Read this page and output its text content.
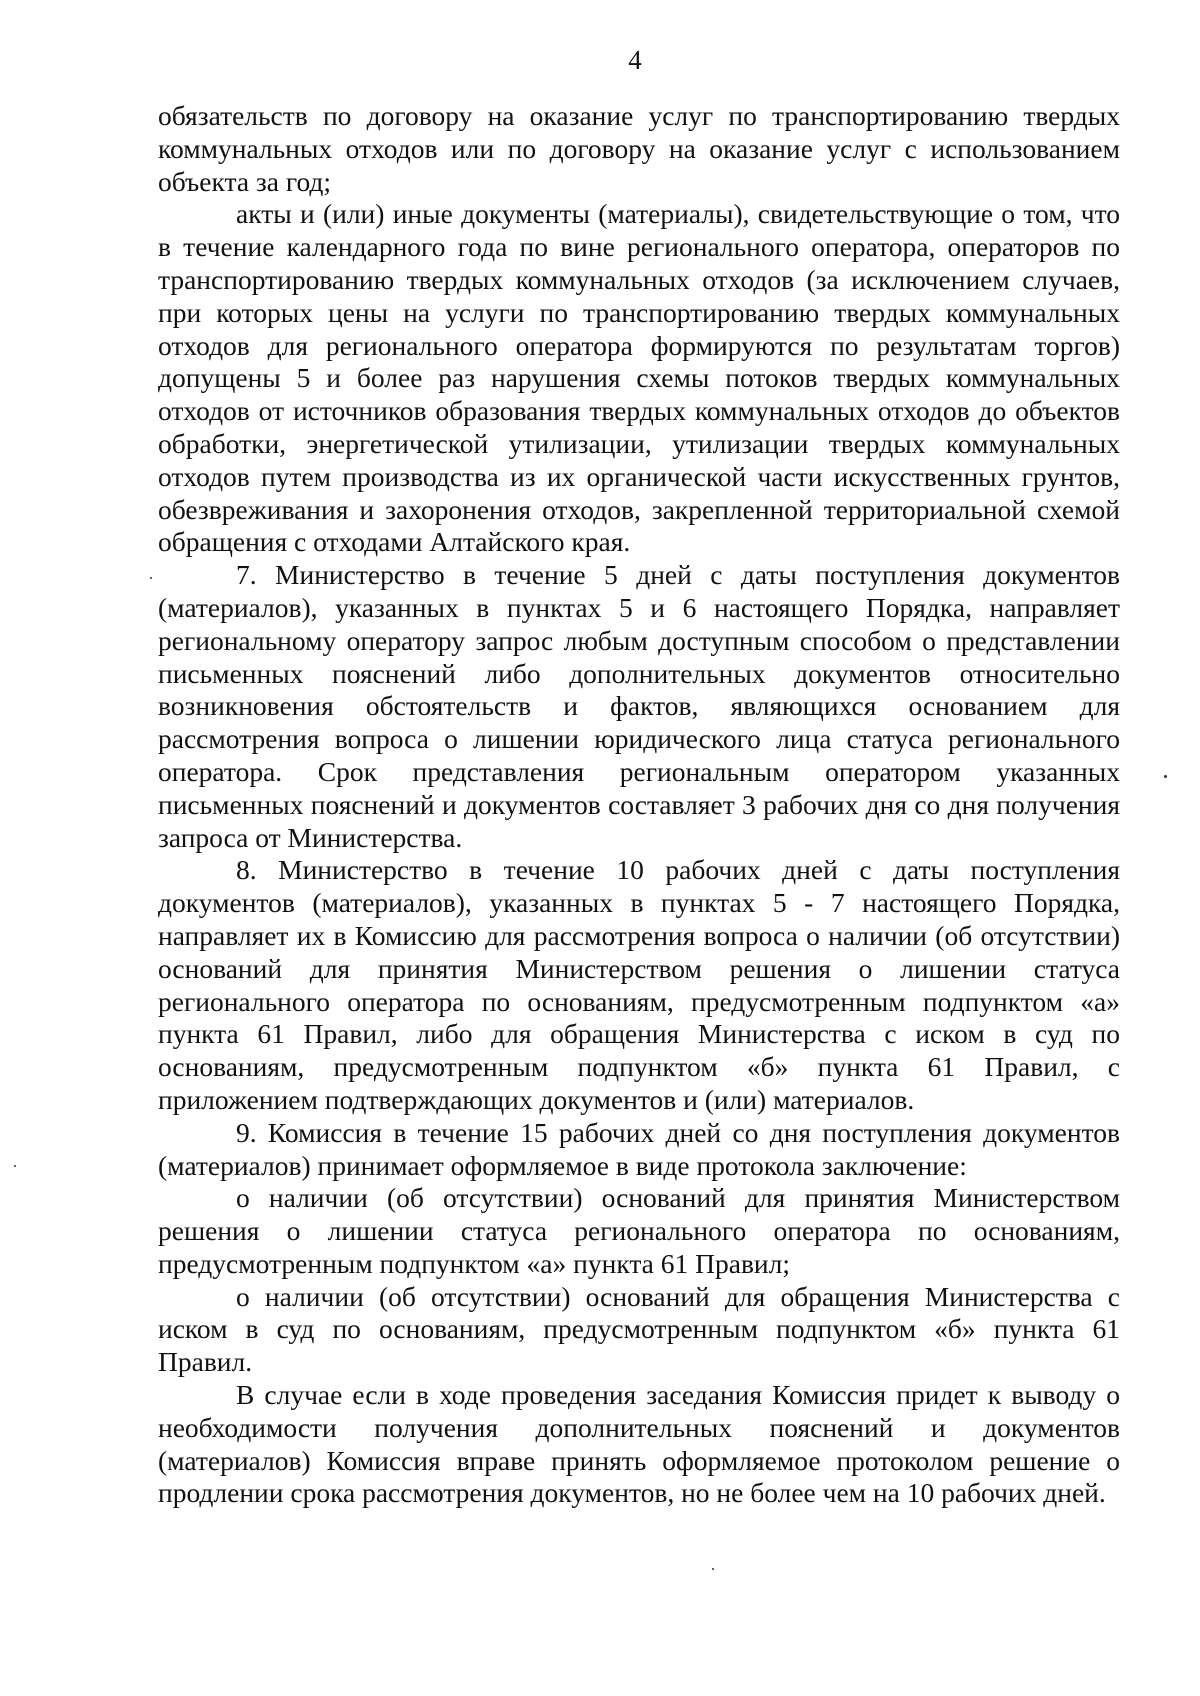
4

обязательств по договору на оказание услуг по транспортированию твердых коммунальных отходов или по договору на оказание услуг с использованием объекта за год;

акты и (или) иные документы (материалы), свидетельствующие о том, что в течение календарного года по вине регионального оператора, операторов по транспортированию твердых коммунальных отходов (за исключением случаев, при которых цены на услуги по транспортированию твердых коммунальных отходов для регионального оператора формируются по результатам торгов) допущены 5 и более раз нарушения схемы потоков твердых коммунальных отходов от источников образования твердых коммунальных отходов до объектов обработки, энергетической утилизации, утилизации твердых коммунальных отходов путем производства из их органической части искусственных грунтов, обезвреживания и захоронения отходов, закрепленной территориальной схемой обращения с отходами Алтайского края.

7. Министерство в течение 5 дней с даты поступления документов (материалов), указанных в пунктах 5 и 6 настоящего Порядка, направляет региональному оператору запрос любым доступным способом о представлении письменных пояснений либо дополнительных документов относительно возникновения обстоятельств и фактов, являющихся основанием для рассмотрения вопроса о лишении юридического лица статуса регионального оператора. Срок представления региональным оператором указанных письменных пояснений и документов составляет 3 рабочих дня со дня получения запроса от Министерства.

8. Министерство в течение 10 рабочих дней с даты поступления документов (материалов), указанных в пунктах 5 - 7 настоящего Порядка, направляет их в Комиссию для рассмотрения вопроса о наличии (об отсутствии) оснований для принятия Министерством решения о лишении статуса регионального оператора по основаниям, предусмотренным подпунктом «а» пункта 61 Правил, либо для обращения Министерства с иском в суд по основаниям, предусмотренным подпунктом «б» пункта 61 Правил, с приложением подтверждающих документов и (или) материалов.

9. Комиссия в течение 15 рабочих дней со дня поступления документов (материалов) принимает оформляемое в виде протокола заключение:

о наличии (об отсутствии) оснований для принятия Министерством решения о лишении статуса регионального оператора по основаниям, предусмотренным подпунктом «а» пункта 61 Правил;

о наличии (об отсутствии) оснований для обращения Министерства с иском в суд по основаниям, предусмотренным подпунктом «б» пункта 61 Правил.

В случае если в ходе проведения заседания Комиссия придет к выводу о необходимости получения дополнительных пояснений и документов (материалов) Комиссия вправе принять оформляемое протоколом решение о продлении срока рассмотрения документов, но не более чем на 10 рабочих дней.
